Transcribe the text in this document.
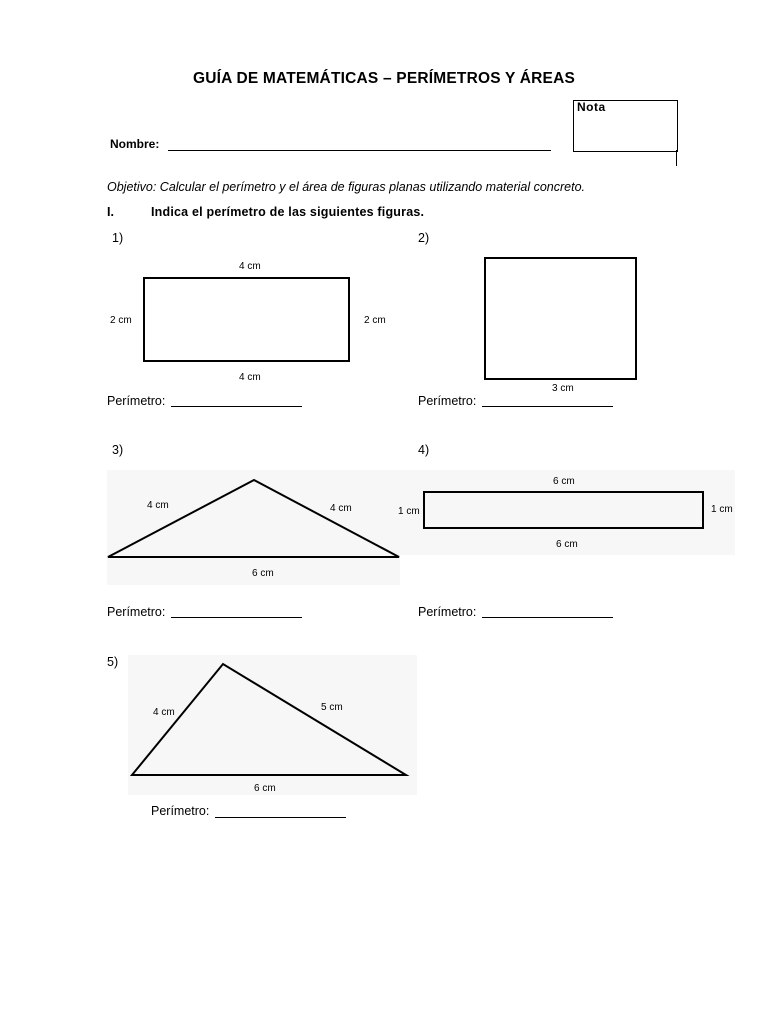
GUÍA DE MATEMÁTICAS – PERÍMETROS Y ÁREAS
Nota
Nombre:
Objetivo: Calcular el perímetro y el área de figuras planas utilizando material concreto.
I.	Indica el perímetro de las siguientes figuras.
1)
4 cm
2 cm	2 cm
4 cm
Perímetro:
2)
3 cm
Perímetro:
3)
4 cm	4 cm
6 cm
Perímetro:
4)
6 cm
1 cm	1 cm
6 cm
Perímetro:
5)
4 cm	5 cm
6 cm
Perímetro:
